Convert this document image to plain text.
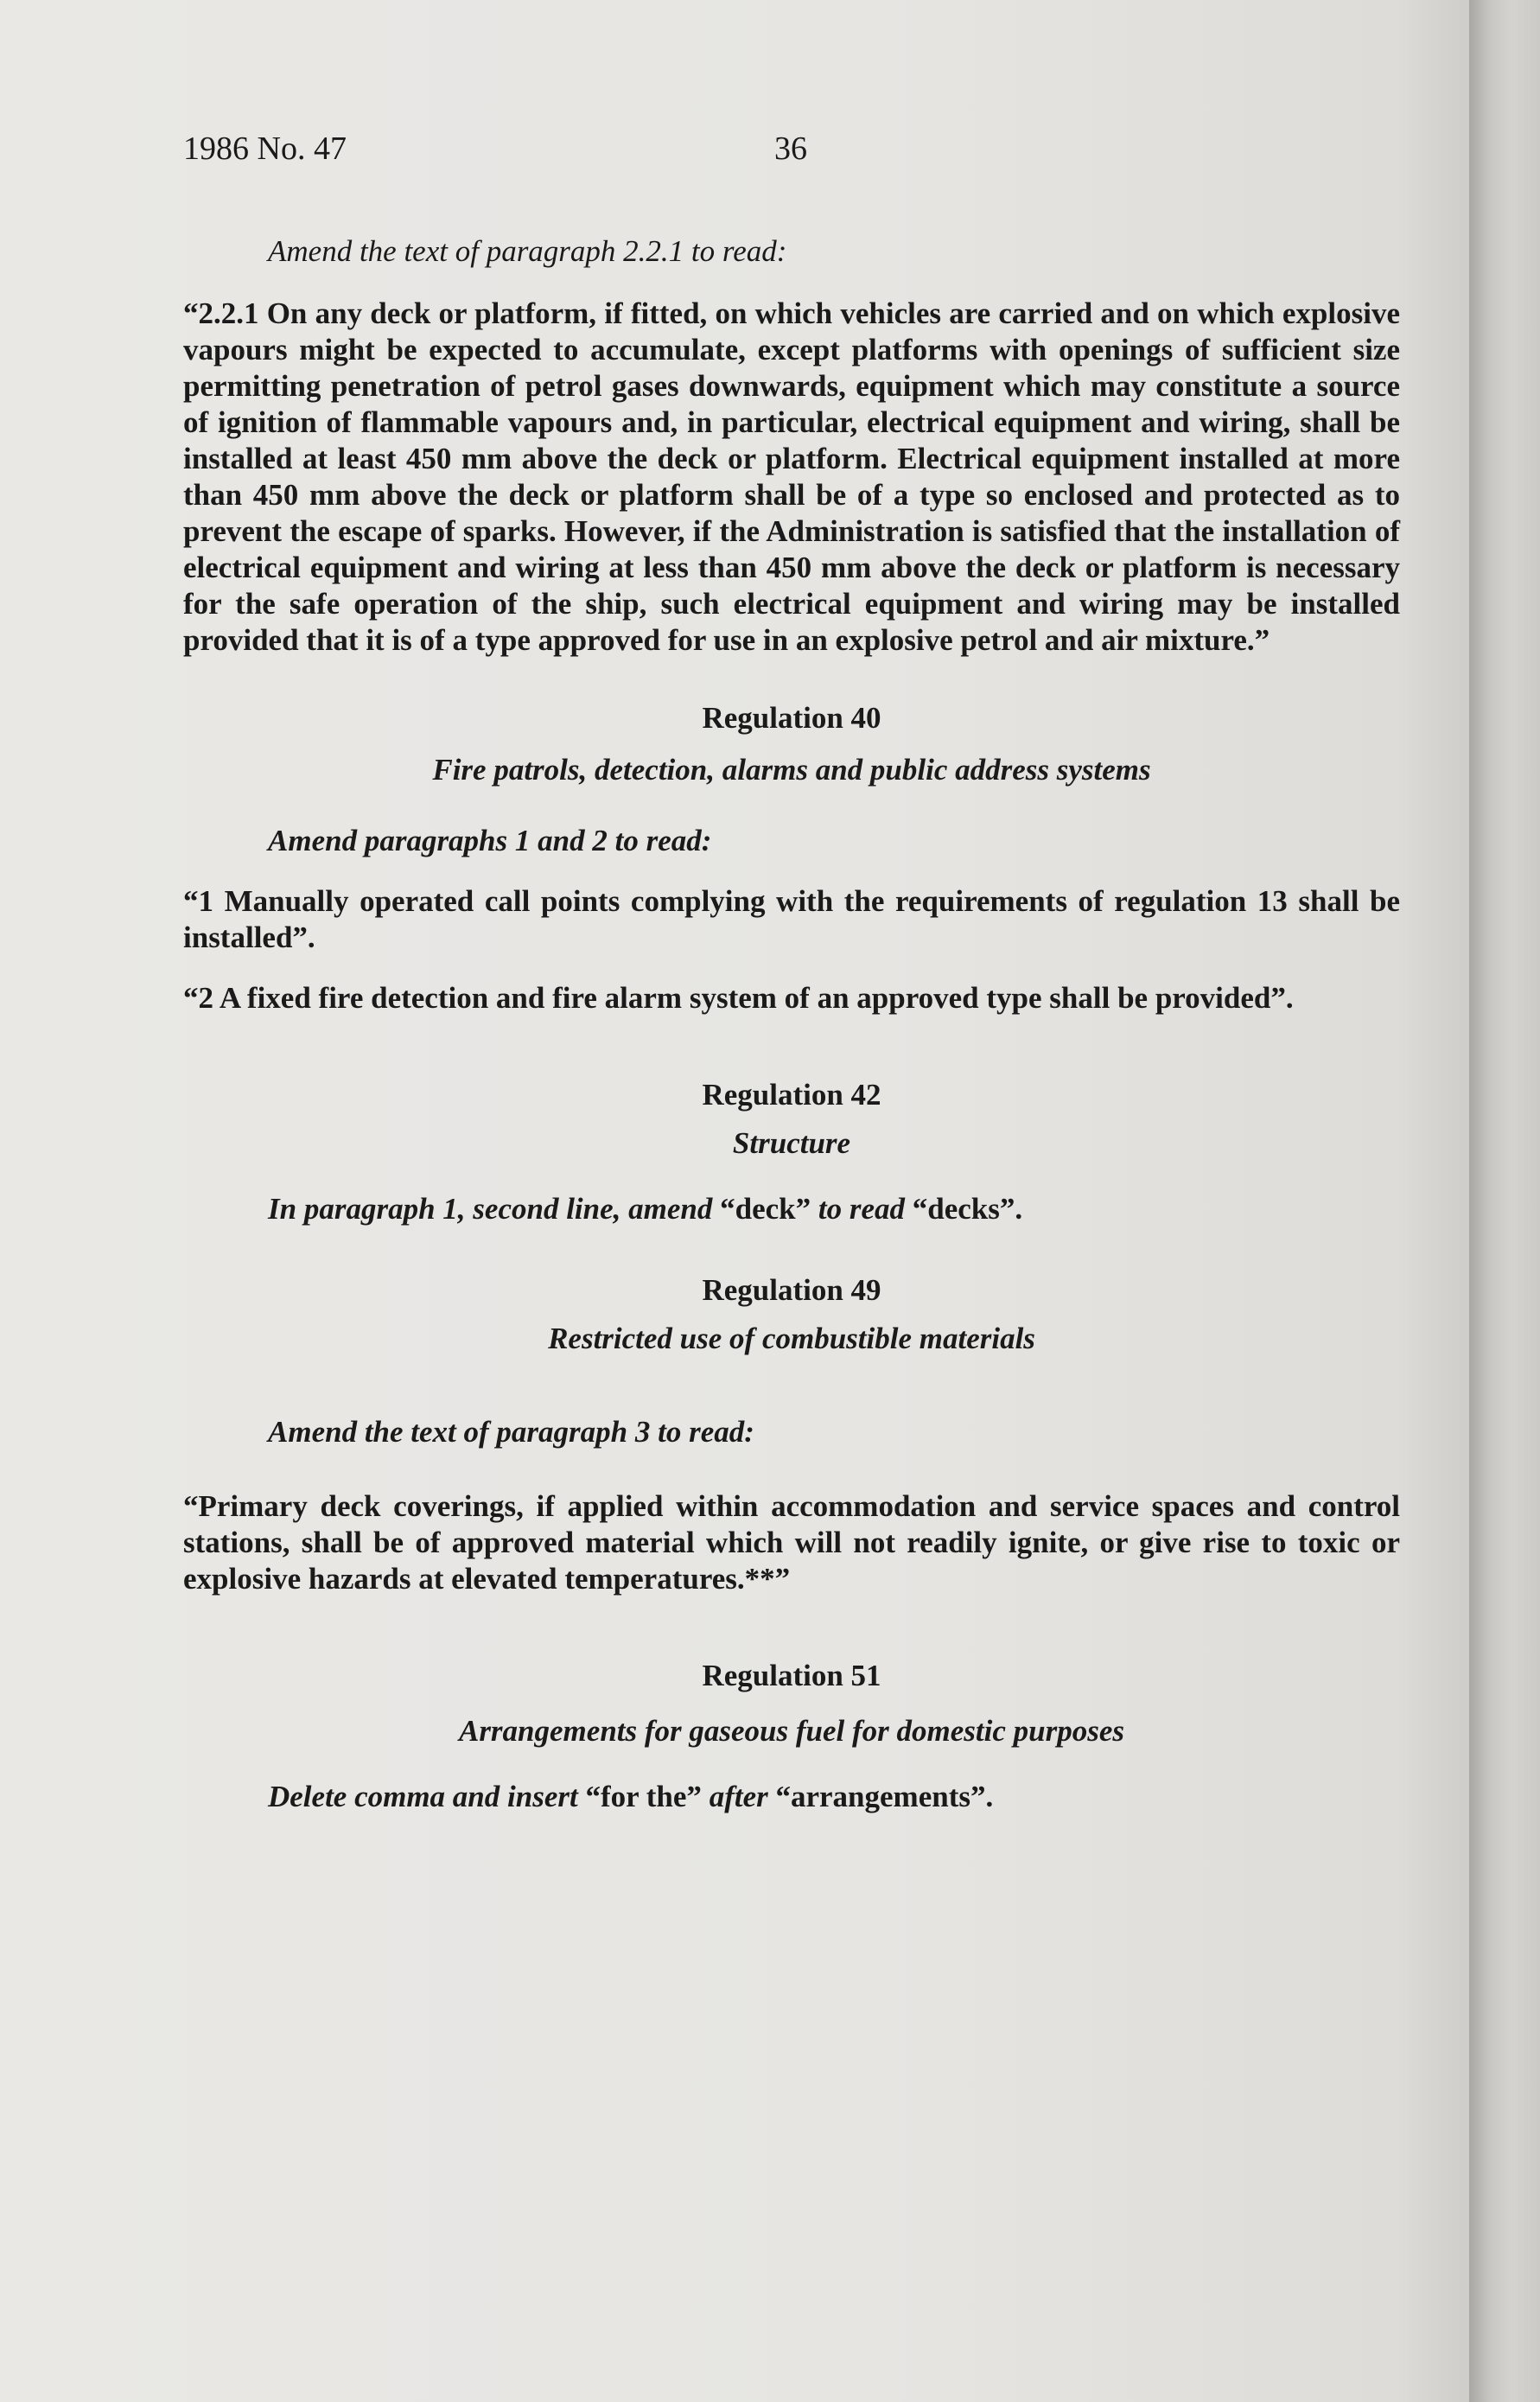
1986 No. 47	36

Amend the text of paragraph 2.2.1 to read:

“2.2.1 On any deck or platform, if fitted, on which vehicles are carried and on which explosive vapours might be expected to accumulate, except platforms with openings of sufficient size permitting penetration of petrol gases downwards, equipment which may constitute a source of ignition of flammable vapours and, in particular, electrical equipment and wiring, shall be installed at least 450 mm above the deck or platform. Electrical equipment installed at more than 450 mm above the deck or platform shall be of a type so enclosed and protected as to prevent the escape of sparks. However, if the Administration is satisfied that the installation of electrical equipment and wiring at less than 450 mm above the deck or platform is necessary for the safe operation of the ship, such electrical equipment and wiring may be installed provided that it is of a type approved for use in an explosive petrol and air mixture.”

Regulation 40

Fire patrols, detection, alarms and public address systems

Amend paragraphs 1 and 2 to read:

“1 Manually operated call points complying with the requirements of regulation 13 shall be installed”.

“2 A fixed fire detection and fire alarm system of an approved type shall be provided”.

Regulation 42

Structure

In paragraph 1, second line, amend “deck” to read “decks”.

Regulation 49

Restricted use of combustible materials

Amend the text of paragraph 3 to read:

“Primary deck coverings, if applied within accommodation and service spaces and control stations, shall be of approved material which will not readily ignite, or give rise to toxic or explosive hazards at elevated temperatures.**”

Regulation 51

Arrangements for gaseous fuel for domestic purposes

Delete comma and insert “for the” after “arrangements”.
